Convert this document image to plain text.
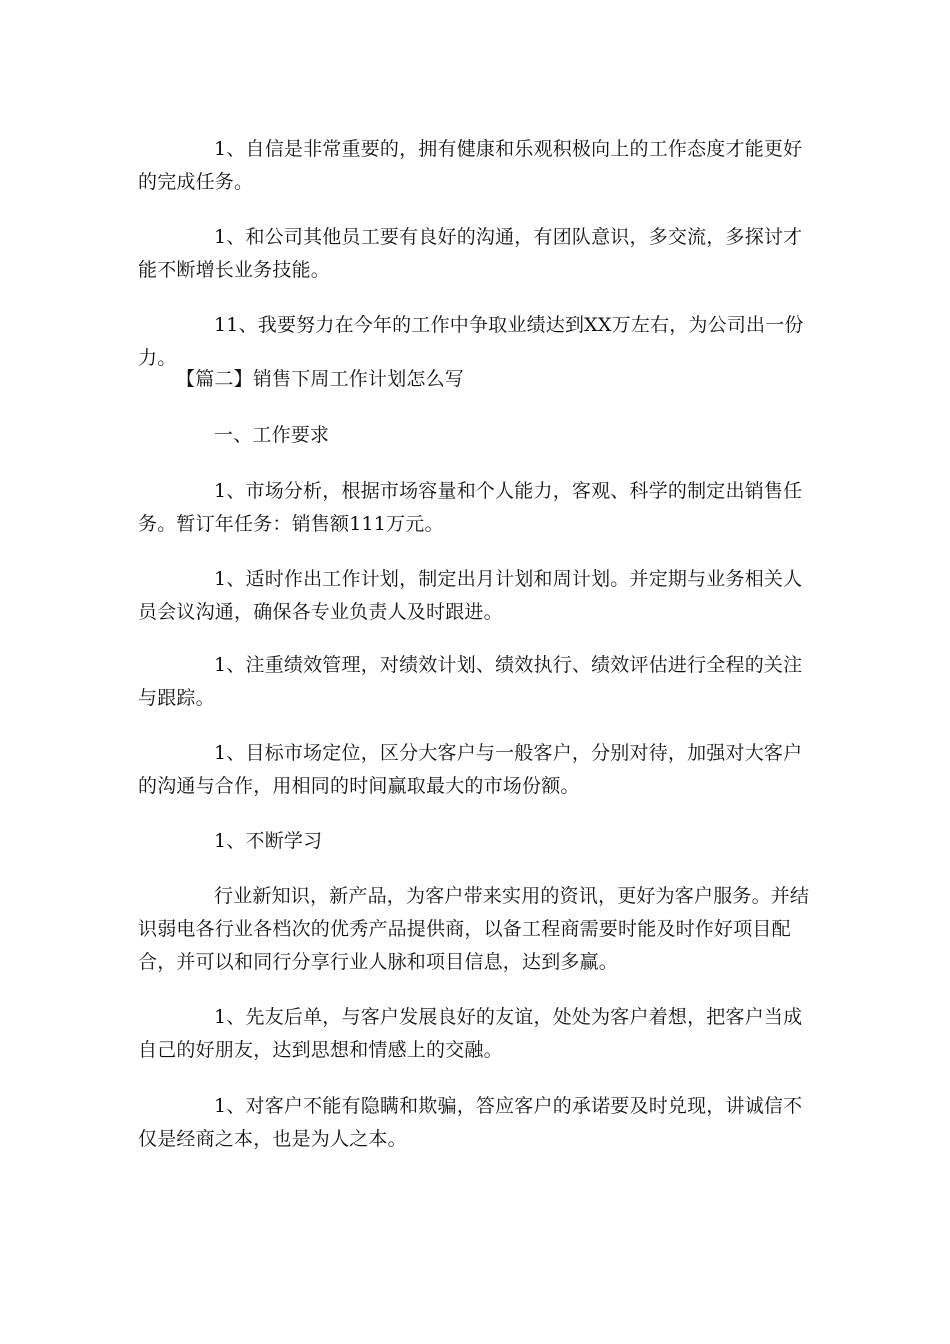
1、自信是非常重要的，拥有健康和乐观积极向上的工作态度才能更好的完成任务。

1、和公司其他员工要有良好的沟通，有团队意识，多交流，多探讨才能不断增长业务技能。

11、我要努力在今年的工作中争取业绩达到XX万左右，为公司出一份力。

【篇二】销售下周工作计划怎么写

一、工作要求

1、市场分析，根据市场容量和个人能力，客观、科学的制定出销售任务。暂订年任务：销售额111万元。

1、适时作出工作计划，制定出月计划和周计划。并定期与业务相关人员会议沟通，确保各专业负责人及时跟进。

1、注重绩效管理，对绩效计划、绩效执行、绩效评估进行全程的关注与跟踪。

1、目标市场定位，区分大客户与一般客户，分别对待，加强对大客户的沟通与合作，用相同的时间赢取最大的市场份额。

1、不断学习

行业新知识，新产品，为客户带来实用的资讯，更好为客户服务。并结识弱电各行业各档次的优秀产品提供商，以备工程商需要时能及时作好项目配合，并可以和同行分享行业人脉和项目信息，达到多赢。

1、先友后单，与客户发展良好的友谊，处处为客户着想，把客户当成自己的好朋友，达到思想和情感上的交融。

1、对客户不能有隐瞒和欺骗，答应客户的承诺要及时兑现，讲诚信不仅是经商之本，也是为人之本。
